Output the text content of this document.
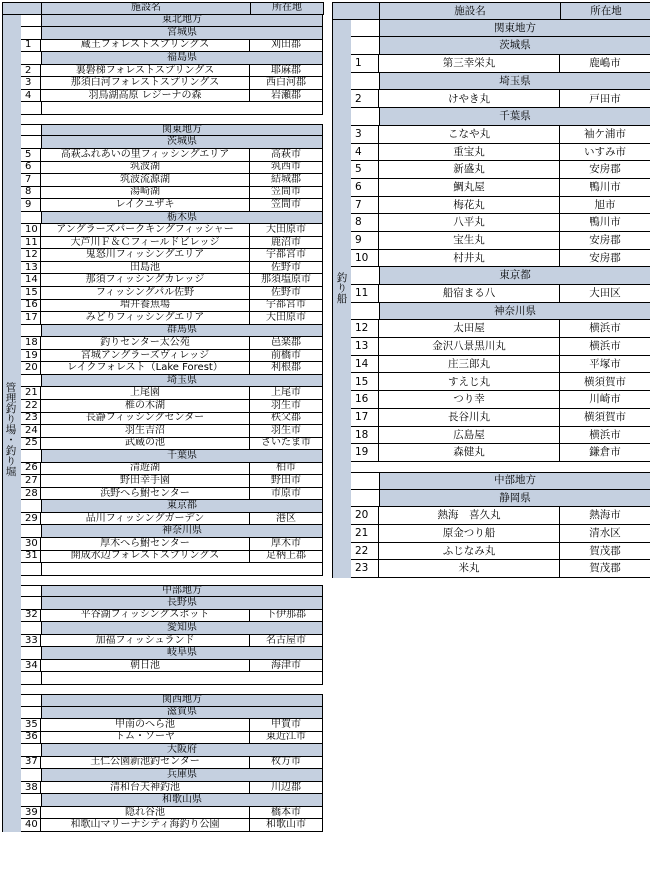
施設名	所在地
東北地方
宮城県
1	蔵王フォレストスプリングス	刈田郡
福島県
2	裏磐梯フォレストスプリングス	耶麻郡
3	那須白河フォレストスプリングス	西白河郡
4	羽鳥湖高原 レジーナの森	岩瀬郡
関東地方
茨城県
5	高萩ふれあいの里フィッシングエリア	高萩市
6	筑波湖	筑西市
7	筑波流源湖	結城郡
8	湯崎湖	笠間市
9	レイクユザキ	笠間市
栃木県
10	アングラーズパークキングフィッシャー	大田原市
11	大芦川Ｆ＆Ｃフィールドビレッジ	鹿沼市
12	鬼怒川フィッシングエリア	宇都宮市
13	田島池	佐野市
14	那須フィッシングカレッジ	那須塩原市
15	フィッシングパル佐野	佐野市
16	増井養魚場	宇都宮市
17	みどりフィッシングエリア	大田原市
群馬県
18	釣りセンター太公苑	邑楽郡
19	宮城アングラーズヴィレッジ	前橋市
20	レイクフォレスト（Lake Forest）	利根郡
埼玉県
21	上尾園	上尾市
22	椎の木湖	羽生市
23	長瀞フィッシングセンター	秩父郡
24	羽生吉沼	羽生市
25	武蔵の池	さいたま市
千葉県
26	清遊湖	柏市
27	野田幸手園	野田市
28	浜野へら鮒センター	市原市
東京都
29	品川フィッシングガーデン	港区
神奈川県
30	厚木へら鮒センター	厚木市
31	開成水辺フォレストスプリングス	足柄上郡
中部地方
長野県
32	平谷湖フィッシングスポット	下伊那郡
愛知県
33	加福フィッシュランド	名古屋市
岐阜県
34	朝日池	海津市
関西地方
滋賀県
35	甲南のへら池	甲賀市
36	トム・ソーヤ	東近江市
大阪府
37	王仁公園新池釣センター	枚方市
兵庫県
38	清和台天神釣池	川辺郡
和歌山県
39	隠れ谷池	橋本市
40	和歌山マリーナシティ海釣り公園	和歌山市
施設名	所在地
関東地方
茨城県
1	第三幸栄丸	鹿嶋市
埼玉県
2	けやき丸	戸田市
千葉県
3	こなや丸	袖ケ浦市
4	重宝丸	いすみ市
5	新盛丸	安房郡
6	鯛丸屋	鴨川市
7	梅花丸	旭市
8	八平丸	鴨川市
9	宝生丸	安房郡
10	村井丸	安房郡
東京都
11	船宿まる八	大田区
神奈川県
12	太田屋	横浜市
13	金沢八景黒川丸	横浜市
14	庄三郎丸	平塚市
15	すえじ丸	横須賀市
16	つり幸	川崎市
17	長谷川丸	横須賀市
18	広島屋	横浜市
19	森健丸	鎌倉市
中部地方
静岡県
20	熱海　喜久丸	熱海市
21	原金つり船	清水区
22	ふじなみ丸	賀茂郡
23	米丸	賀茂郡
管理釣り場・釣り堀
釣り船
